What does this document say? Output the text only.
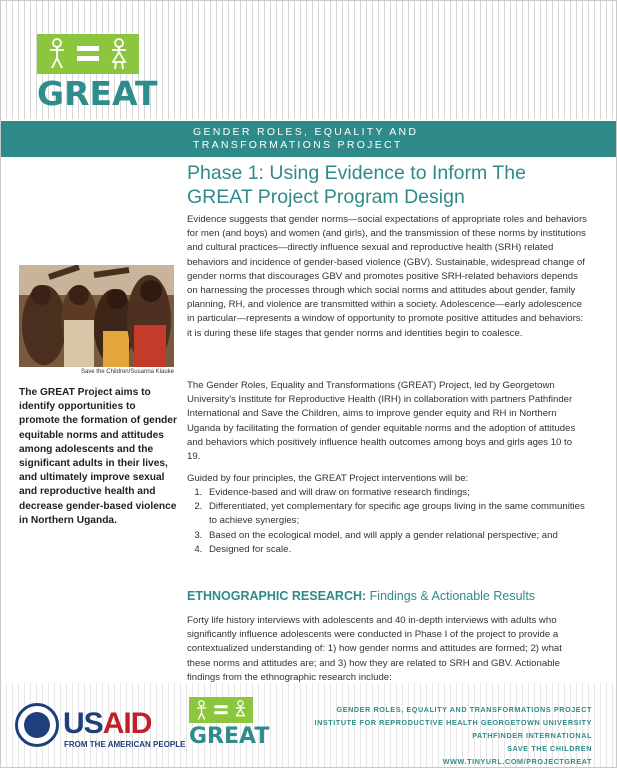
GREAT
GENDER ROLES, EQUALITY AND
TRANSFORMATIONS PROJECT
Phase 1: Using Evidence to Inform The GREAT Project Program Design
Evidence suggests that gender norms—social expectations of appropriate roles and behaviors for men (and boys) and women (and girls), and the transmission of these norms by institutions and cultural practices—directly influence sexual and reproductive health (SRH) related behaviors and incidence of gender-based violence (GBV). Sustainable, widespread change of gender norms that discourages GBV and promotes positive SRH-related behaviors depends on harnessing the processes through which social norms and attitudes about gender, family planning, RH, and violence are transmitted within a society. Adolescence—early adolescence in particular—represents a window of opportunity to promote positive attitudes and behaviors: it is during these life stages that gender norms and identities begin to coalesce.
The Gender Roles, Equality and Transformations (GREAT) Project, led by Georgetown University's Institute for Reproductive Health (IRH) in collaboration with partners Pathfinder International and Save the Children, aims to improve gender equity and RH in Northern Uganda by facilitating the formation of gender equitable norms and the adoption of attitudes and behaviors which positively influence health outcomes among boys and girls ages 10 to 19.
Guided by four principles, the GREAT Project interventions will be:
1. Evidence-based and will draw on formative research findings;
2. Differentiated, yet complementary for specific age groups living in the same communities to achieve synergies;
3. Based on the ecological model, and will apply a gender relational perspective; and
4. Designed for scale.
Save the Children/Susanna Klauke
The GREAT Project aims to identify opportunities to promote the formation of gender equitable norms and attitudes among adolescents and the significant adults in their lives, and ultimately improve sexual and reproductive health and decrease gender-based violence in Northern Uganda.
ETHNOGRAPHIC RESEARCH: Findings & Actionable Results
Forty life history interviews with adolescents and 40 in-depth interviews with adults who significantly influence adolescents were conducted in Phase I of the project to provide a contextualized understanding of: 1) how gender norms and attitudes are formed; 2) what these norms and attitudes are; and 3) how they are related to SRH and GBV. Actionable findings from the ethnographic research include:
USAID
FROM THE AMERICAN PEOPLE GREAT
GENDER ROLES, EQUALITY AND TRANSFORMATIONS PROJECT
INSTITUTE FOR REPRODUCTIVE HEALTH GEORGETOWN UNIVERSITY
PATHFINDER INTERNATIONAL
SAVE THE CHILDREN
WWW.TINYURL.COM/PROJECTGREAT
